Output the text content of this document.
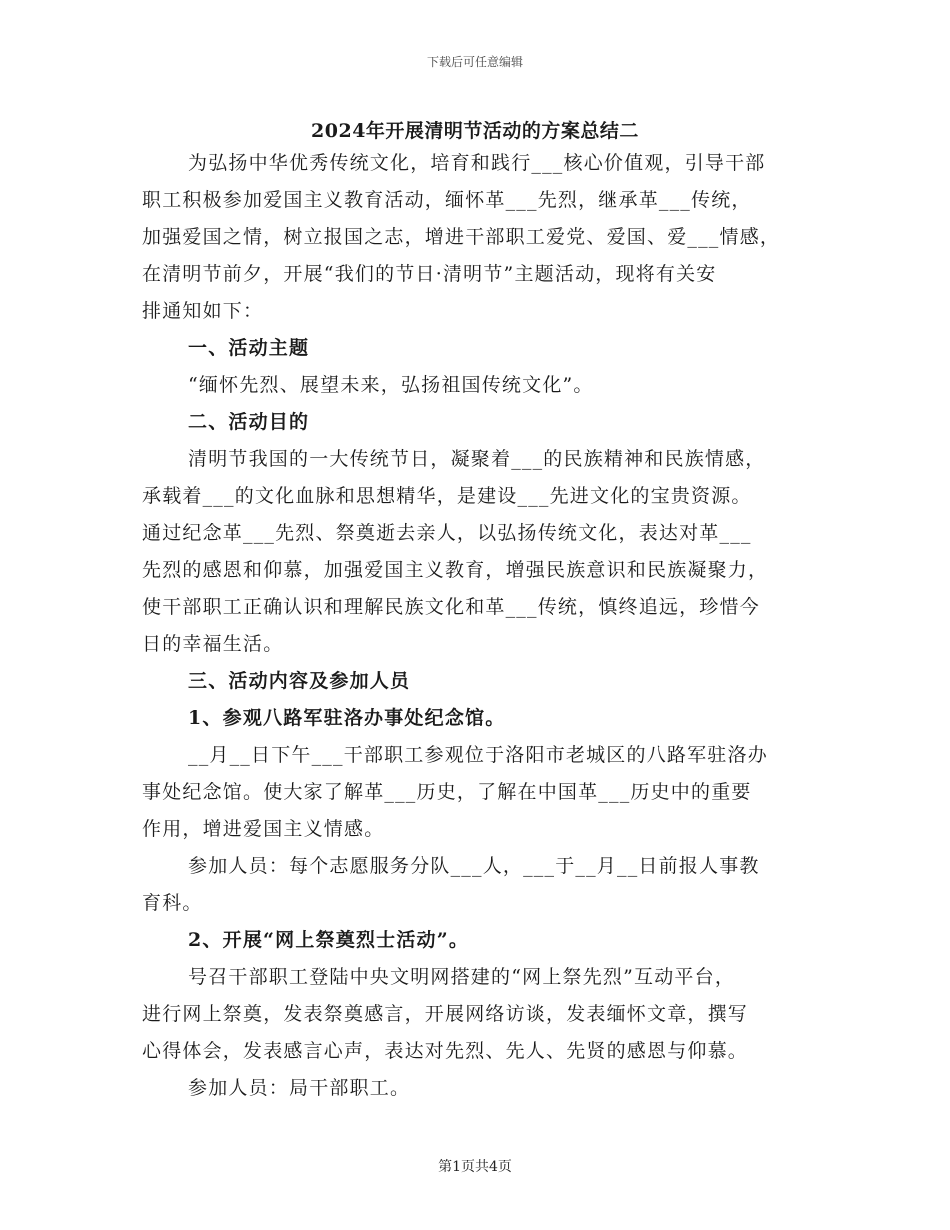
下载后可任意编辑
2024年开展清明节活动的方案总结二
为弘扬中华优秀传统文化，培育和践行___核心价值观，引导干部
职工积极参加爱国主义教育活动，缅怀革___先烈，继承革___传统，
加强爱国之情，树立报国之志，增进干部职工爱党、爱国、爱___情感，
在清明节前夕，开展“我们的节日·清明节”主题活动，现将有关安
排通知如下：
一、活动主题
“缅怀先烈、展望未来，弘扬祖国传统文化”。
二、活动目的
清明节我国的一大传统节日，凝聚着___的民族精神和民族情感，
承载着___的文化血脉和思想精华，是建设___先进文化的宝贵资源。
通过纪念革___先烈、祭奠逝去亲人，以弘扬传统文化，表达对革___
先烈的感恩和仰慕，加强爱国主义教育，增强民族意识和民族凝聚力，
使干部职工正确认识和理解民族文化和革___传统，慎终追远，珍惜今
日的幸福生活。
三、活动内容及参加人员
1、参观八路军驻洛办事处纪念馆。
__月__日下午___干部职工参观位于洛阳市老城区的八路军驻洛办
事处纪念馆。使大家了解革___历史，了解在中国革___历史中的重要
作用，增进爱国主义情感。
参加人员：每个志愿服务分队___人，___于__月__日前报人事教
育科。
2、开展“网上祭奠烈士活动”。
号召干部职工登陆中央文明网搭建的“网上祭先烈”互动平台，
进行网上祭奠，发表祭奠感言，开展网络访谈，发表缅怀文章，撰写
心得体会，发表感言心声，表达对先烈、先人、先贤的感恩与仰慕。
参加人员：局干部职工。
第1页共4页
